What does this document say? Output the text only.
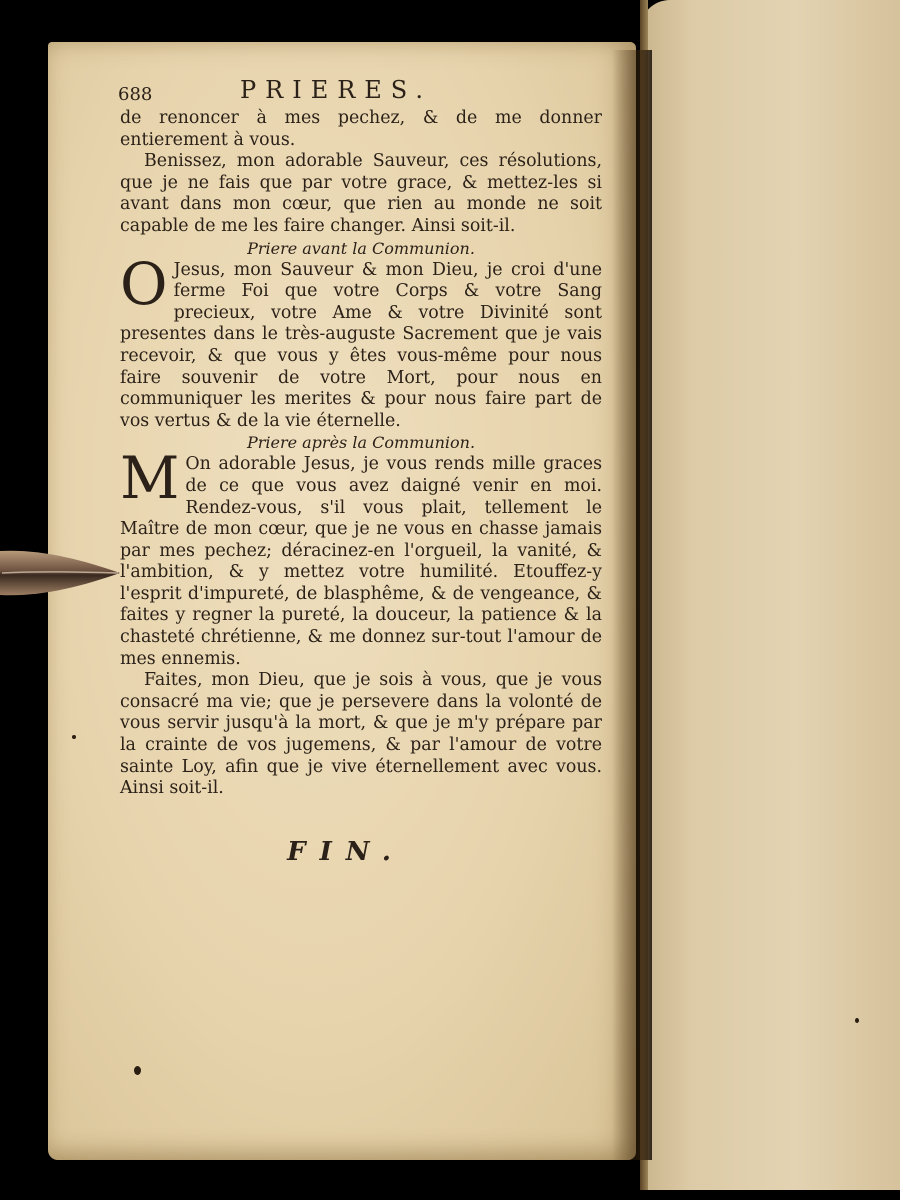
688	PRIERES.

de renoncer à mes pechez, & de me donner entierement à vous.

Benissez, mon adorable Sauveur, ces résolutions, que je ne fais que par votre grace, & mettez-les si avant dans mon cœur, que rien au monde ne soit capable de me les faire changer. Ainsi soit-il.

Priere avant la Communion.

O Jesus, mon Sauveur & mon Dieu, je croi d'une ferme Foi que votre Corps & votre Sang precieux, votre Ame & votre Divinité sont presentes dans le très-auguste Sacrement que je vais recevoir, & que vous y êtes vous-même pour nous faire souvenir de votre Mort, pour nous en communiquer les merites & pour nous faire part de vos vertus & de la vie éternelle.

Priere après la Communion.

M On adorable Jesus, je vous rends mille graces de ce que vous avez daigné venir en moi. Rendez-vous, s'il vous plait, tellement le Maître de mon cœur, que je ne vous en chasse jamais par mes pechez; déracinez-en l'orgueil, la vanité, & l'ambition, & y mettez votre humilité. Etouffez-y l'esprit d'impureté, de blasphême, & de vengeance, & faites y regner la pureté, la douceur, la patience & la chasteté chrétienne, & me donnez sur-tout l'amour de mes ennemis.

Faites, mon Dieu, que je sois à vous, que je vous consacré ma vie; que je persevere dans la volonté de vous servir jusqu'à la mort, & que je m'y prépare par la crainte de vos jugemens, & par l'amour de votre sainte Loy, afin que je vive éternellement avec vous. Ainsi soit-il.

FIN.
